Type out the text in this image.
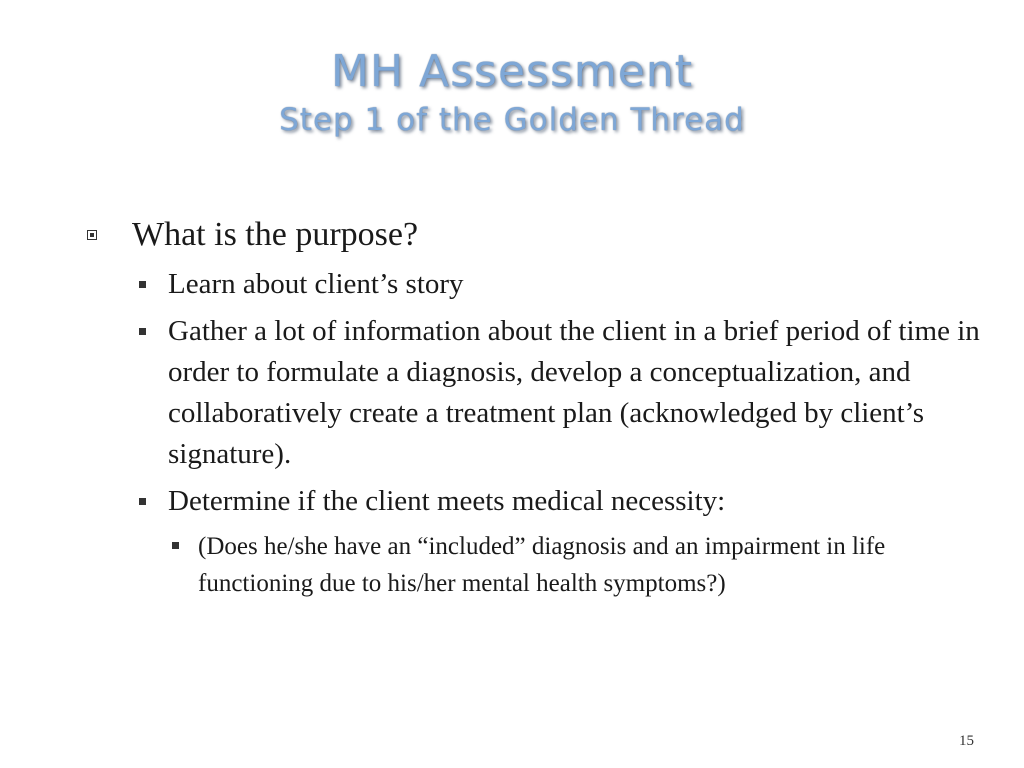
MH Assessment
Step 1 of the Golden Thread
What is the purpose?
Learn about client’s story
Gather a lot of information about the client in a brief period of time in order to formulate a diagnosis, develop a conceptualization, and collaboratively create a treatment plan (acknowledged by client’s signature).
Determine if the client meets medical necessity:
(Does he/she have an “included” diagnosis and an impairment in life functioning due to his/her mental health symptoms?)
15
